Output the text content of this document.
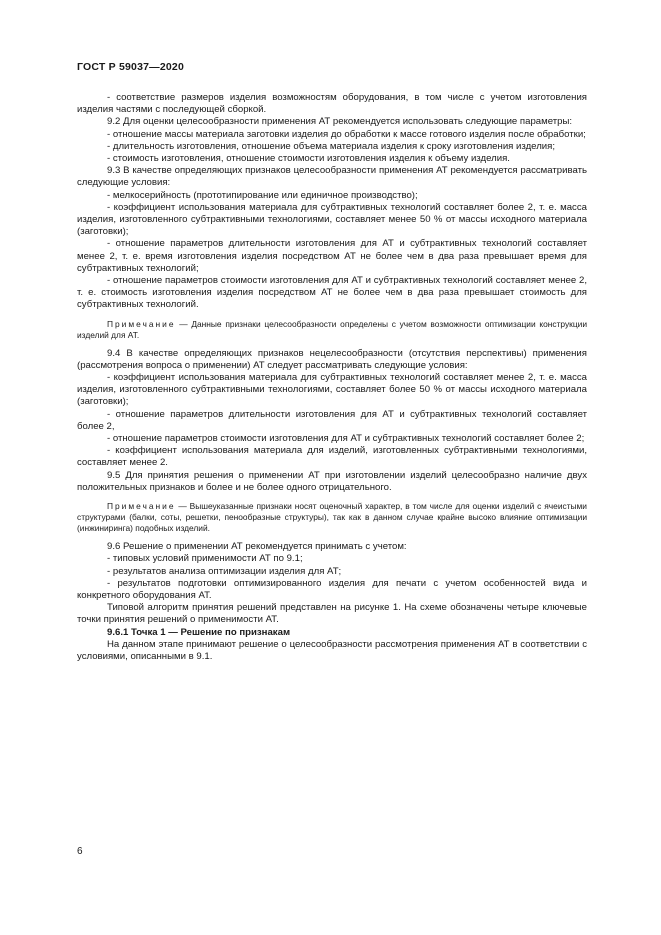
ГОСТ Р 59037—2020

- соответствие размеров изделия возможностям оборудования, в том числе с учетом изготовления изделия частями с последующей сборкой.

9.2 Для оценки целесообразности применения АТ рекомендуется использовать следующие параметры:

- отношение массы материала заготовки изделия до обработки к массе готового изделия после обработки;

- длительность изготовления, отношение объема материала изделия к сроку изготовления изделия;

- стоимость изготовления, отношение стоимости изготовления изделия к объему изделия.

9.3 В качестве определяющих признаков целесообразности применения АТ рекомендуется рассматривать следующие условия:

- мелкосерийность (прототипирование или единичное производство);

- коэффициент использования материала для субтрактивных технологий составляет более 2, т. е. масса изделия, изготовленного субтрактивными технологиями, составляет менее 50 % от массы исходного материала (заготовки);

- отношение параметров длительности изготовления для АТ и субтрактивных технологий составляет менее 2, т. е. время изготовления изделия посредством АТ не более чем в два раза превышает время для субтрактивных технологий;

- отношение параметров стоимости изготовления для АТ и субтрактивных технологий составляет менее 2, т. е. стоимость изготовления изделия посредством АТ не более чем в два раза превышает стоимость для субтрактивных технологий.

Примечание — Данные признаки целесообразности определены с учетом возможности оптимизации конструкции изделий для АТ.

9.4 В качестве определяющих признаков нецелесообразности (отсутствия перспективы) применения (рассмотрения вопроса о применении) АТ следует рассматривать следующие условия:

- коэффициент использования материала для субтрактивных технологий составляет менее 2, т. е. масса изделия, изготовленного субтрактивными технологиями, составляет более 50 % от массы исходного материала (заготовки);

- отношение параметров длительности изготовления для АТ и субтрактивных технологий составляет более 2,

- отношение параметров стоимости изготовления для АТ и субтрактивных технологий составляет более 2;

- коэффициент использования материала для изделий, изготовленных субтрактивными технологиями, составляет менее 2.

9.5 Для принятия решения о применении АТ при изготовлении изделий целесообразно наличие двух положительных признаков и более и не более одного отрицательного.

Примечание — Вышеуказанные признаки носят оценочный характер, в том числе для оценки изделий с ячеистыми структурами (балки, соты, решетки, пенообразные структуры), так как в данном случае крайне высоко влияние оптимизации (инжиниринга) подобных изделий.

9.6 Решение о применении АТ рекомендуется принимать с учетом:

- типовых условий применимости АТ по 9.1;

- результатов анализа оптимизации изделия для АТ;

- результатов подготовки оптимизированного изделия для печати с учетом особенностей вида и конкретного оборудования АТ.

Типовой алгоритм принятия решений представлен на рисунке 1. На схеме обозначены четыре ключевые точки принятия решений о применимости АТ.

9.6.1 Точка 1 — Решение по признакам

На данном этапе принимают решение о целесообразности рассмотрения применения АТ в соответствии с условиями, описанными в 9.1.

6
